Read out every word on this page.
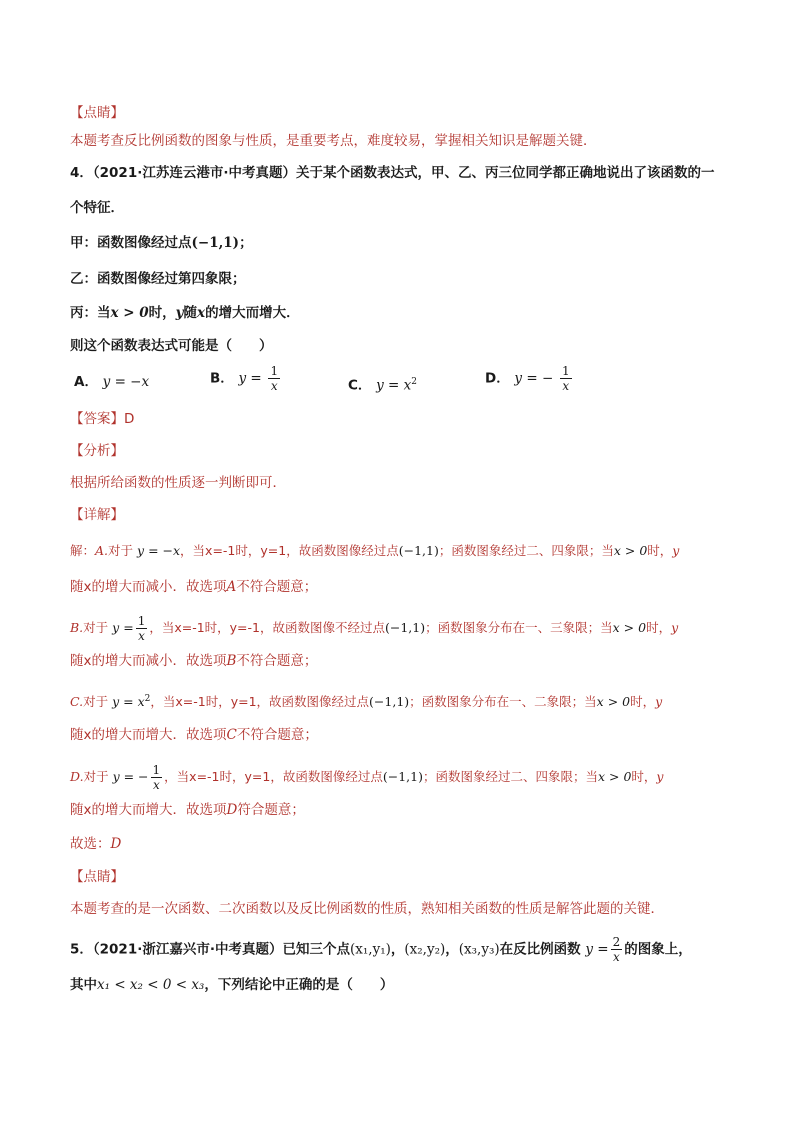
【点睛】
本题考查反比例函数的图象与性质，是重要考点，难度较易，掌握相关知识是解题关键．
4．（2021·江苏连云港市·中考真题）关于某个函数表达式，甲、乙、丙三位同学都正确地说出了该函数的一
个特征．
甲：函数图像经过点(−1,1)；
乙：函数图像经过第四象限；
丙：当x > 0时，y随x的增大而增大．
则这个函数表达式可能是（　　）
A． y = −x	B． $y = \frac{1}{x}$	C． $y = x^2$	D． y = − $\frac{1}{x}$
【答案】D
【分析】
根据所给函数的性质逐一判断即可．
【详解】
解：A.对于 y = −x，当x=-1时，y=1，故函数图像经过点(−1,1)；函数图象经过二、四象限；当x > 0时，y
随x的增大而减小．故选项A不符合题意；
B.对于 $y = \frac{1}{x}$ ，当x=-1时，y=-1，故函数图像不经过点(−1,1)；函数图象分布在一、三象限；当x > 0时，y
随x的增大而减小．故选项B不符合题意；
C.对于 $y = x^2$，当x=-1时，y=1，故函数图像经过点(−1,1)；函数图象分布在一、二象限；当x > 0时，y
随x的增大而增大．故选项C不符合题意；
D.对于 y = − $\frac{1}{x}$ ，当x=-1时，y=1，故函数图像经过点(−1,1)；函数图象经过二、四象限；当x > 0时，y
随x的增大而增大．故选项D符合题意；
故选：D
【点睛】
本题考查的是一次函数、二次函数以及反比例函数的性质，熟知相关函数的性质是解答此题的关键．
5．（2021·浙江嘉兴市·中考真题）已知三个点(x₁,y₁)，(x₂,y₂)，(x₃,y₃)在反比例函数 $y = \frac{2}{x}$ 的图象上，
其中x₁ < x₂ < 0 < x₃，下列结论中正确的是（　　）
